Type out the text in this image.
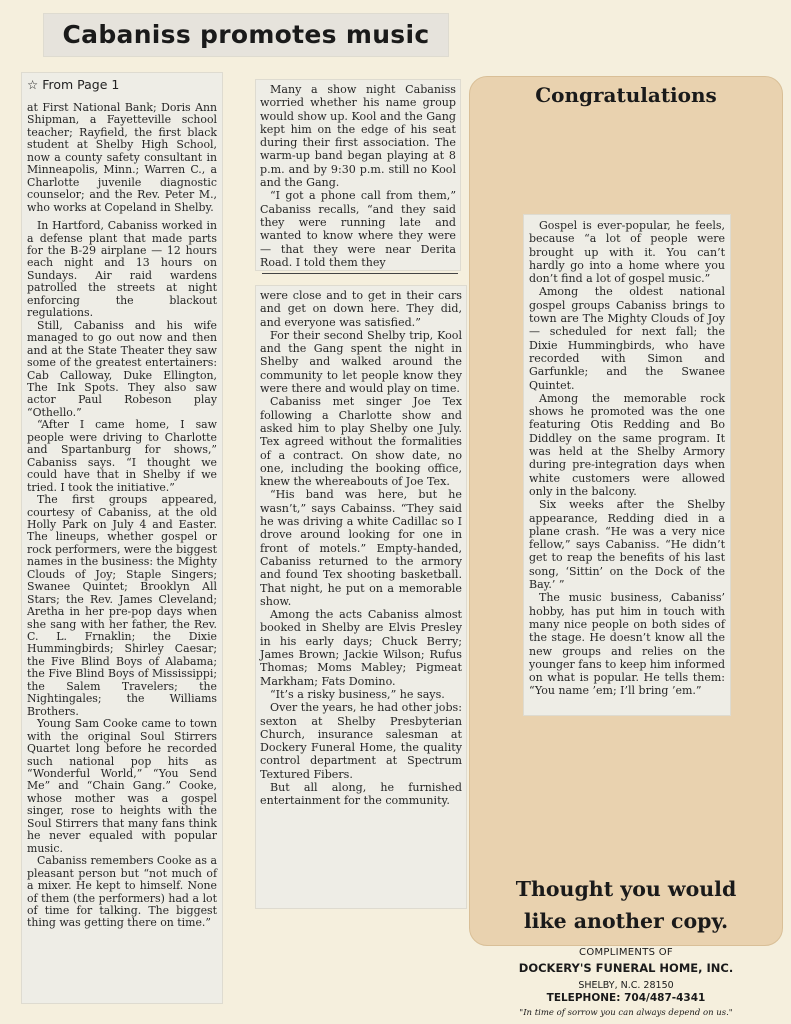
Cabaniss promotes music

☆ From Page 1

at First National Bank; Doris Ann Shipman, a Fayetteville school teacher; Rayfield, the first black student at Shelby High School, now a county safety consultant in Minneapolis, Minn.; Warren C., a Charlotte juvenile diagnostic counselor; and the Rev. Peter M., who works at Copeland in Shelby.

In Hartford, Cabaniss worked in a defense plant that made parts for the B-29 airplane — 12 hours each night and 13 hours on Sundays. Air raid wardens patrolled the streets at night enforcing the blackout regulations.

Still, Cabaniss and his wife managed to go out now and then and at the State Theater they saw some of the greatest entertainers: Cab Calloway, Duke Ellington, The Ink Spots. They also saw actor Paul Robeson play “Othello.”

“After I came home, I saw people were driving to Charlotte and Spartanburg for shows,” Cabaniss says. “I thought we could have that in Shelby if we tried. I took the initiative.”

The first groups appeared, courtesy of Cabaniss, at the old Holly Park on July 4 and Easter. The lineups, whether gospel or rock performers, were the biggest names in the business: the Mighty Clouds of Joy; Staple Singers; Swanee Quintet; Brooklyn All Stars; the Rev. James Cleveland; Aretha in her pre-pop days when she sang with her father, the Rev. C. L. Frnaklin; the Dixie Hummingbirds; Shirley Caesar; the Five Blind Boys of Alabama; the Five Blind Boys of Mississippi; the Salem Travelers; the Nightingales; the Williams Brothers.

Young Sam Cooke came to town with the original Soul Stirrers Quartet long before he recorded such national pop hits as “Wonderful World,” “You Send Me” and “Chain Gang.” Cooke, whose mother was a gospel singer, rose to heights with the Soul Stirrers that many fans think he never equaled with popular music.

Cabaniss remembers Cooke as a pleasant person but “not much of a mixer. He kept to himself. None of them (the performers) had a lot of time for talking. The biggest thing was getting there on time.”

Many a show night Cabaniss worried whether his name group would show up. Kool and the Gang kept him on the edge of his seat during their first association. The warm-up band began playing at 8 p.m. and by 9:30 p.m. still no Kool and the Gang.

“I got a phone call from them,” Cabaniss recalls, “and they said they were running late and wanted to know where they were — that they were near Derita Road. I told them they

were close and to get in their cars and get on down here. They did, and everyone was satisfied.”

For their second Shelby trip, Kool and the Gang spent the night in Shelby and walked around the community to let people know they were there and would play on time.

Cabaniss met singer Joe Tex following a Charlotte show and asked him to play Shelby one July. Tex agreed without the formalities of a contract. On show date, no one, including the booking office, knew the whereabouts of Joe Tex.

“His band was here, but he wasn’t,” says Cabainss. “They said he was driving a white Cadillac so I drove around looking for one in front of motels.” Empty-handed, Cabaniss returned to the armory and found Tex shooting basketball. That night, he put on a memorable show.

Among the acts Cabaniss almost booked in Shelby are Elvis Presley in his early days; Chuck Berry; James Brown; Jackie Wilson; Rufus Thomas; Moms Mabley; Pigmeat Markham; Fats Domino.

“It’s a risky business,” he says.

Over the years, he had other jobs: sexton at Shelby Presbyterian Church, insurance salesman at Dockery Funeral Home, the quality control department at Spectrum Textured Fibers.

But all along, he furnished entertainment for the community.

Congratulations
Thought you would
like another copy.
COMPLIMENTS OF
DOCKERY'S FUNERAL HOME, INC.
SHELBY, N.C. 28150
TELEPHONE: 704/487-4341
"In time of sorrow you can always depend on us."

Gospel is ever-popular, he feels, because “a lot of people were brought up with it. You can’t hardly go into a home where you don’t find a lot of gospel music.”

Among the oldest national gospel groups Cabaniss brings to town are The Mighty Clouds of Joy — scheduled for next fall; the Dixie Hummingbirds, who have recorded with Simon and Garfunkle; and the Swanee Quintet.

Among the memorable rock shows he promoted was the one featuring Otis Redding and Bo Diddley on the same program. It was held at the Shelby Armory during pre-integration days when white customers were allowed only in the balcony.

Six weeks after the Shelby appearance, Redding died in a plane crash. “He was a very nice fellow,” says Cabaniss. “He didn’t get to reap the benefits of his last song, ‘Sittin’ on the Dock of the Bay.’ ”

The music business, Cabaniss’ hobby, has put him in touch with many nice people on both sides of the stage. He doesn’t know all the new groups and relies on the younger fans to keep him informed on what is popular. He tells them: “You name ’em; I’ll bring ’em.”
